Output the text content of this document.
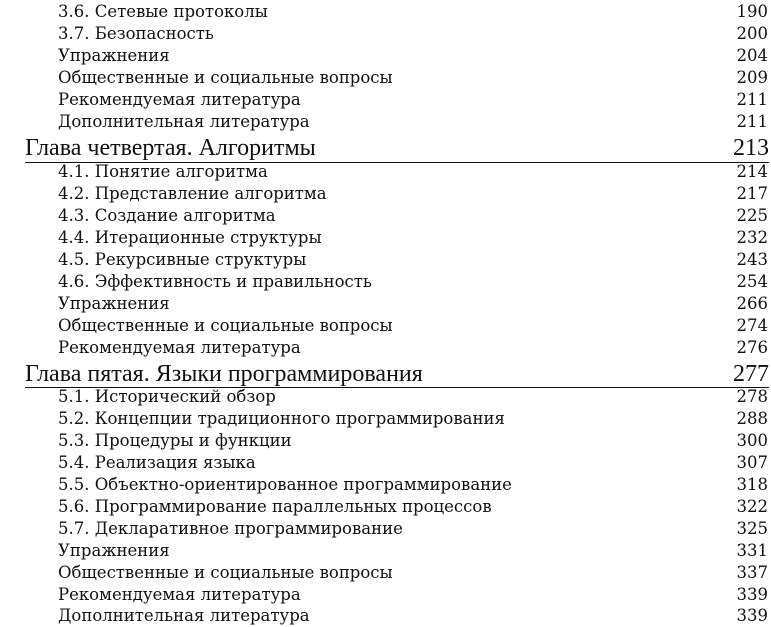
3.6. Сетевые протоколы	190
3.7. Безопасность	200
Упражнения	204
Общественные и социальные вопросы	209
Рекомендуемая литература	211
Дополнительная литература	211
Глава четвертая. Алгоритмы	213
4.1. Понятие алгоритма	214
4.2. Представление алгоритма	217
4.3. Создание алгоритма	225
4.4. Итерационные структуры	232
4.5. Рекурсивные структуры	243
4.6. Эффективность и правильность	254
Упражнения	266
Общественные и социальные вопросы	274
Рекомендуемая литература	276
Глава пятая. Языки программирования	277
5.1. Исторический обзор	278
5.2. Концепции традиционного программирования	288
5.3. Процедуры и функции	300
5.4. Реализация языка	307
5.5. Объектно-ориентированное программирование	318
5.6. Программирование параллельных процессов	322
5.7. Декларативное программирование	325
Упражнения	331
Общественные и социальные вопросы	337
Рекомендуемая литература	339
Дополнительная литература	339
